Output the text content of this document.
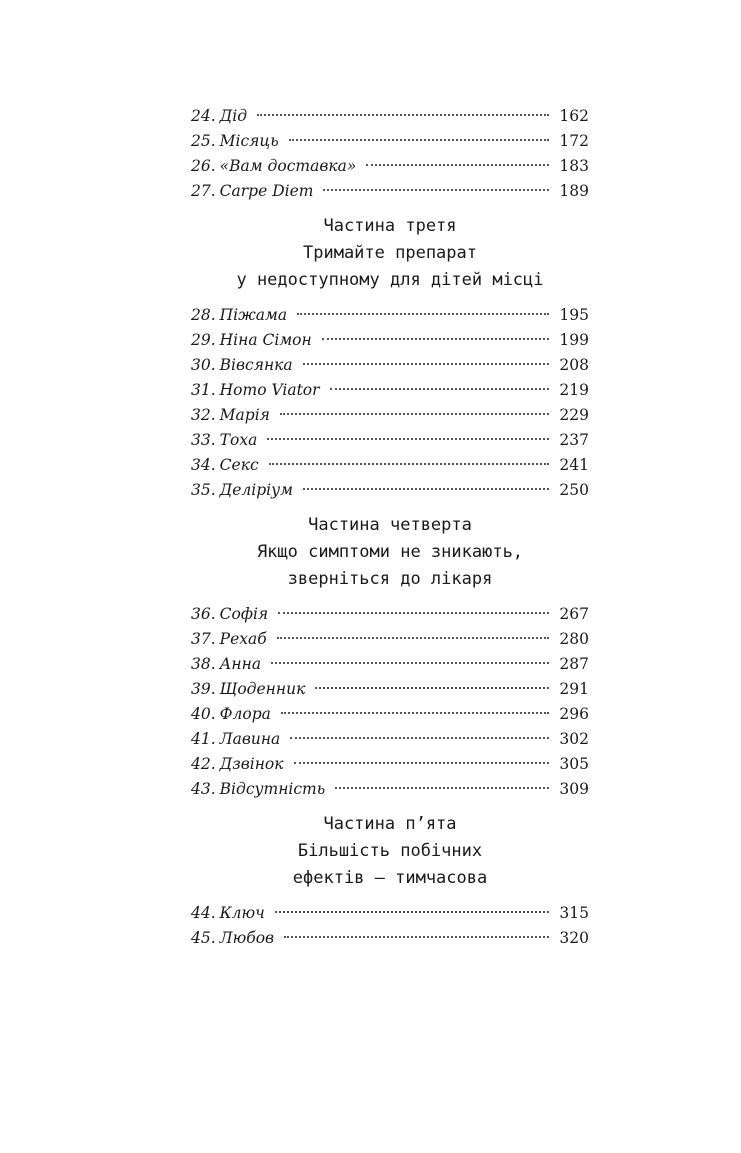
24. Дід	162
25. Місяць	172
26. «Вам доставка»	183
27. Carpe Diem	189
Частина третя
Тримайте препарат
у недоступному для дітей місці
28. Піжама	195
29. Ніна Сімон	199
30. Вівсянка	208
31. Homo Viator	219
32. Марія	229
33. Тоха	237
34. Секс	241
35. Деліріум	250
Частина четверта
Якщо симптоми не зникають,
зверніться до лікаря
36. Софія	267
37. Рехаб	280
38. Анна	287
39. Щоденник	291
40. Флора	296
41. Лавина	302
42. Дзвінок	305
43. Відсутність	309
Частина п’ята
Більшість побічних
ефектів — тимчасова
44. Ключ	315
45. Любов	320
